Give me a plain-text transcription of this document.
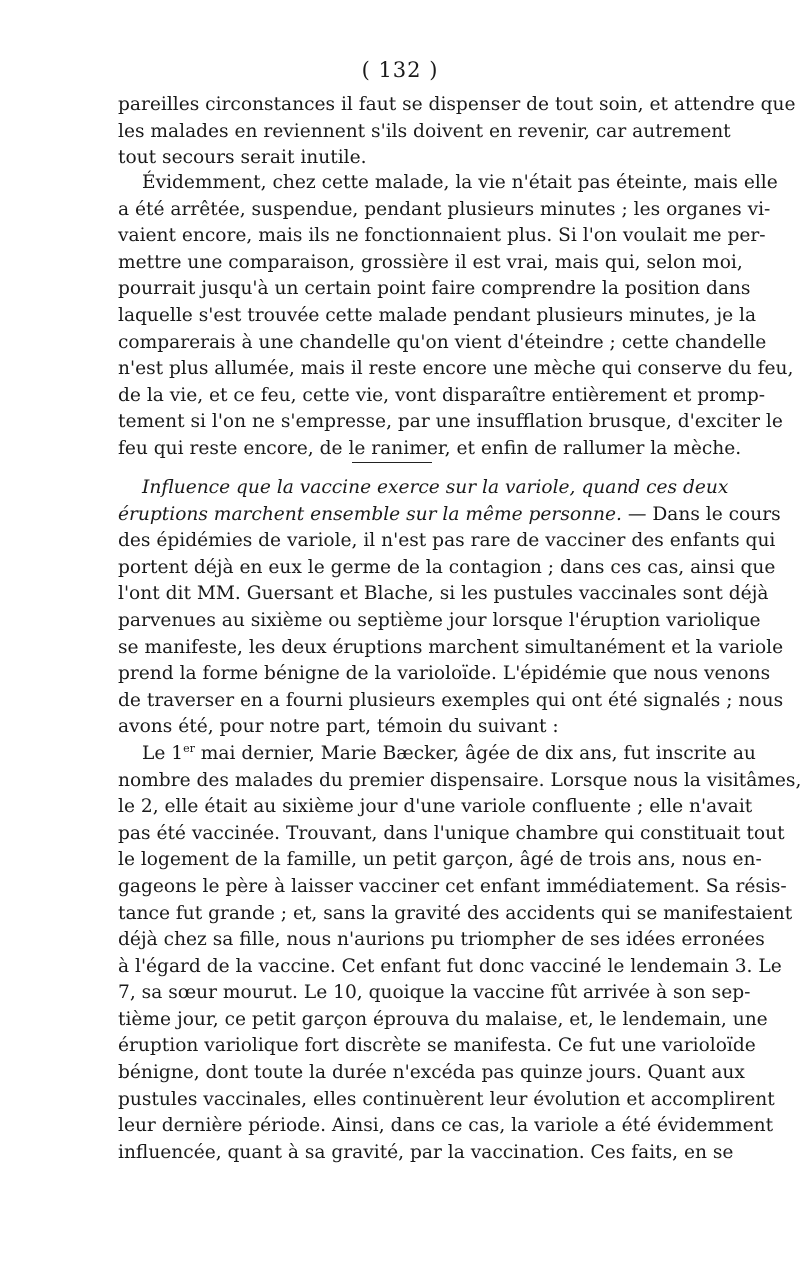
( 132 )
pareilles circonstances il faut se dispenser de tout soin, et attendre que
les malades en reviennent s'ils doivent en revenir, car autrement
tout secours serait inutile.
Évidemment, chez cette malade, la vie n'était pas éteinte, mais elle
a été arrêtée, suspendue, pendant plusieurs minutes ; les organes vi-
vaient encore, mais ils ne fonctionnaient plus. Si l'on voulait me per-
mettre une comparaison, grossière il est vrai, mais qui, selon moi,
pourrait jusqu'à un certain point faire comprendre la position dans
laquelle s'est trouvée cette malade pendant plusieurs minutes, je la
comparerais à une chandelle qu'on vient d'éteindre ; cette chandelle
n'est plus allumée, mais il reste encore une mèche qui conserve du feu,
de la vie, et ce feu, cette vie, vont disparaître entièrement et promp-
tement si l'on ne s'empresse, par une insufflation brusque, d'exciter le
feu qui reste encore, de le ranimer, et enfin de rallumer la mèche.
Influence que la vaccine exerce sur la variole, quand ces deux
éruptions marchent ensemble sur la même personne. — Dans le cours
des épidémies de variole, il n'est pas rare de vacciner des enfants qui
portent déjà en eux le germe de la contagion ; dans ces cas, ainsi que
l'ont dit MM. Guersant et Blache, si les pustules vaccinales sont déjà
parvenues au sixième ou septième jour lorsque l'éruption variolique
se manifeste, les deux éruptions marchent simultanément et la variole
prend la forme bénigne de la varioloïde. L'épidémie que nous venons
de traverser en a fourni plusieurs exemples qui ont été signalés ; nous
avons été, pour notre part, témoin du suivant :
Le 1er mai dernier, Marie Bæcker, âgée de dix ans, fut inscrite au
nombre des malades du premier dispensaire. Lorsque nous la visitâmes,
le 2, elle était au sixième jour d'une variole confluente ; elle n'avait
pas été vaccinée. Trouvant, dans l'unique chambre qui constituait tout
le logement de la famille, un petit garçon, âgé de trois ans, nous en-
gageons le père à laisser vacciner cet enfant immédiatement. Sa résis-
tance fut grande ; et, sans la gravité des accidents qui se manifestaient
déjà chez sa fille, nous n'aurions pu triompher de ses idées erronées
à l'égard de la vaccine. Cet enfant fut donc vacciné le lendemain 3. Le
7, sa sœur mourut. Le 10, quoique la vaccine fût arrivée à son sep-
tième jour, ce petit garçon éprouva du malaise, et, le lendemain, une
éruption variolique fort discrète se manifesta. Ce fut une varioloïde
bénigne, dont toute la durée n'excéda pas quinze jours. Quant aux
pustules vaccinales, elles continuèrent leur évolution et accomplirent
leur dernière période. Ainsi, dans ce cas, la variole a été évidemment
influencée, quant à sa gravité, par la vaccination. Ces faits, en se
